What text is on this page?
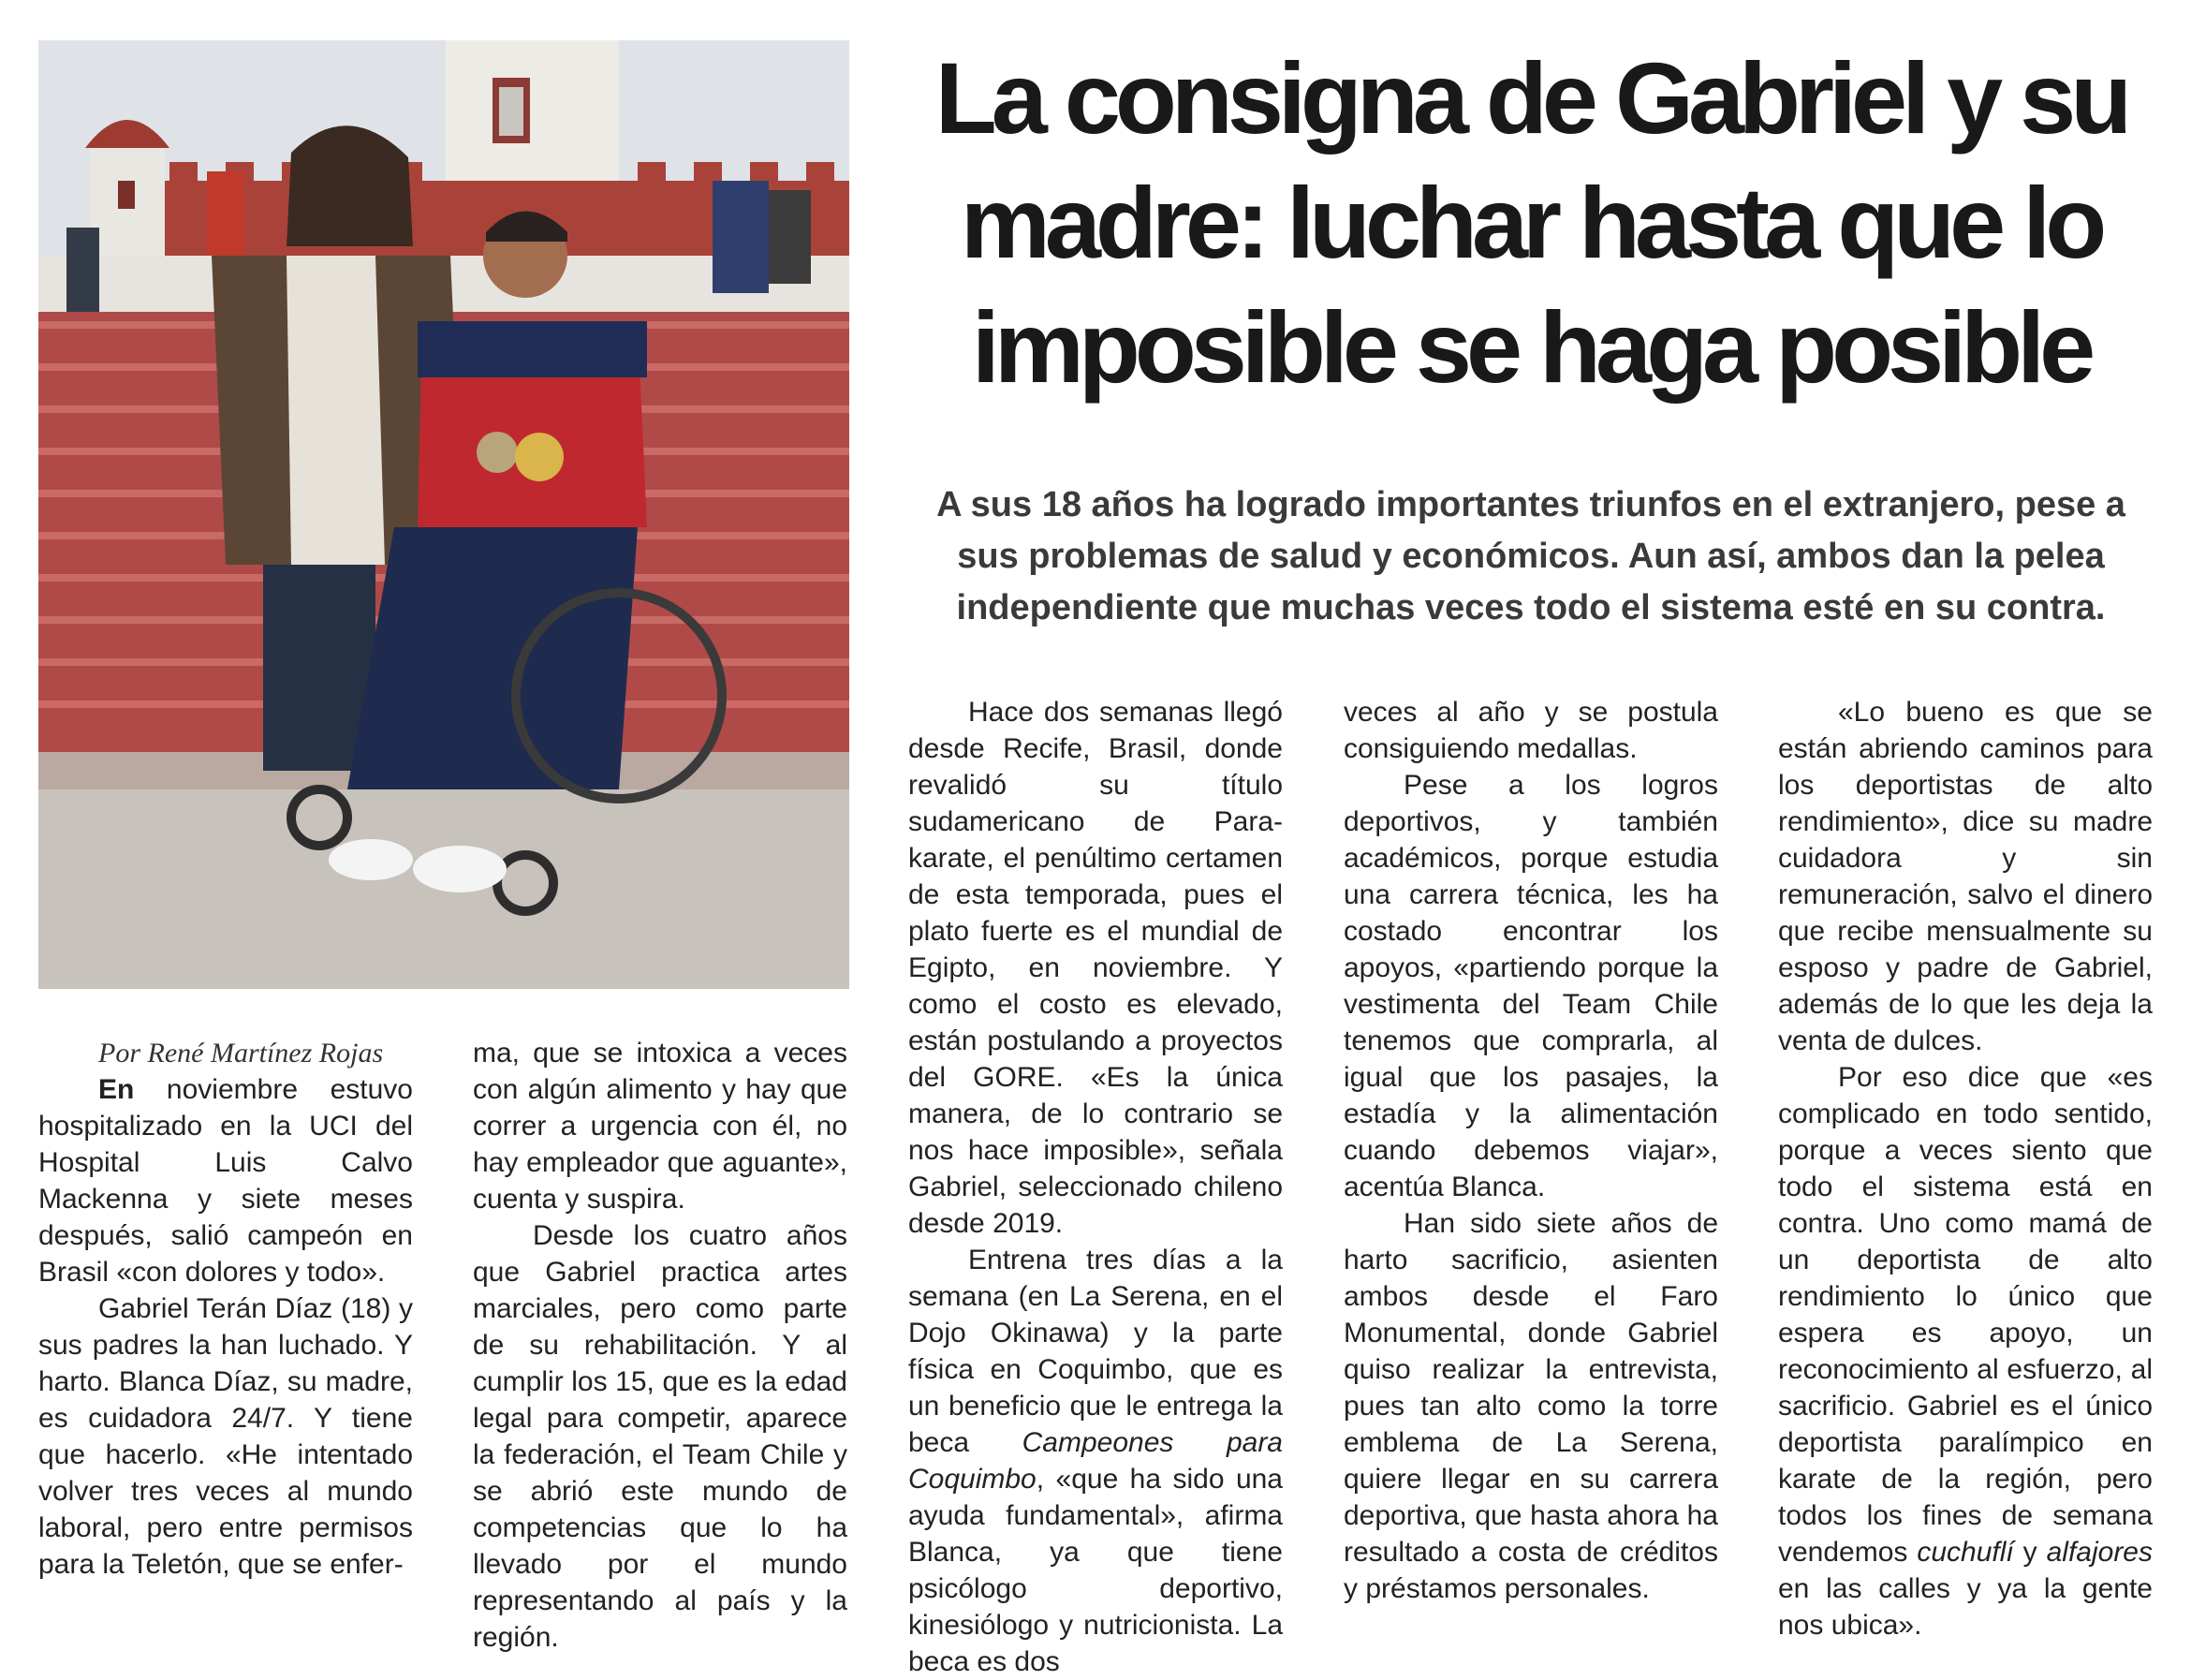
La consigna de Gabriel y su madre: luchar hasta que lo imposible se haga posible

A sus 18 años ha logrado importantes triunfos en el extranjero, pese a sus problemas de salud y económicos. Aun así, ambos dan la pelea independiente que muchas veces todo el sistema esté en su contra.

Por René Martínez Rojas

En noviembre estuvo hospitalizado en la UCI del Hospital Luis Calvo Mackenna y siete meses después, salió campeón en Brasil «con dolores y todo».

Gabriel Terán Díaz (18) y sus padres la han luchado. Y harto. Blanca Díaz, su madre, es cuidadora 24/7. Y tiene que hacerlo. «He intentado volver tres veces al mundo laboral, pero entre permisos para la Teletón, que se enfer-

ma, que se intoxica a veces con algún alimento y hay que correr a urgencia con él, no hay empleador que aguante», cuenta y suspira.

Desde los cuatro años que Gabriel practica artes marciales, pero como parte de su rehabilitación. Y al cumplir los 15, que es la edad legal para competir, aparece la federación, el Team Chile y se abrió este mundo de competencias que lo ha llevado por el mundo representando al país y la región.

Hace dos semanas llegó desde Recife, Brasil, donde revalidó su título sudamericano de Para-karate, el penúltimo certamen de esta temporada, pues el plato fuerte es el mundial de Egipto, en noviembre. Y como el costo es elevado, están postulando a proyectos del GORE. «Es la única manera, de lo contrario se nos hace imposible», señala Gabriel, seleccionado chileno desde 2019.

Entrena tres días a la semana (en La Serena, en el Dojo Okinawa) y la parte física en Coquimbo, que es un beneficio que le entrega la beca Campeones para Coquimbo, «que ha sido una ayuda fundamental», afirma Blanca, ya que tiene psicólogo deportivo, kinesiólogo y nutricionista. La beca es dos

veces al año y se postula consiguiendo medallas.

Pese a los logros deportivos, y también académicos, porque estudia una carrera técnica, les ha costado encontrar los apoyos, «partiendo porque la vestimenta del Team Chile tenemos que comprarla, al igual que los pasajes, la estadía y la alimentación cuando debemos viajar», acentúa Blanca.

Han sido siete años de harto sacrificio, asienten ambos desde el Faro Monumental, donde Gabriel quiso realizar la entrevista, pues tan alto como la torre emblema de La Serena, quiere llegar en su carrera deportiva, que hasta ahora ha resultado a costa de créditos y préstamos personales.

«Lo bueno es que se están abriendo caminos para los deportistas de alto rendimiento», dice su madre cuidadora y sin remuneración, salvo el dinero que recibe mensualmente su esposo y padre de Gabriel, además de lo que les deja la venta de dulces.

Por eso dice que «es complicado en todo sentido, porque a veces siento que todo el sistema está en contra. Uno como mamá de un deportista de alto rendimiento lo único que espera es apoyo, un reconocimiento al esfuerzo, al sacrificio. Gabriel es el único deportista paralímpico en karate de la región, pero todos los fines de semana vendemos cuchuflí y alfajores en las calles y ya la gente nos ubica».
